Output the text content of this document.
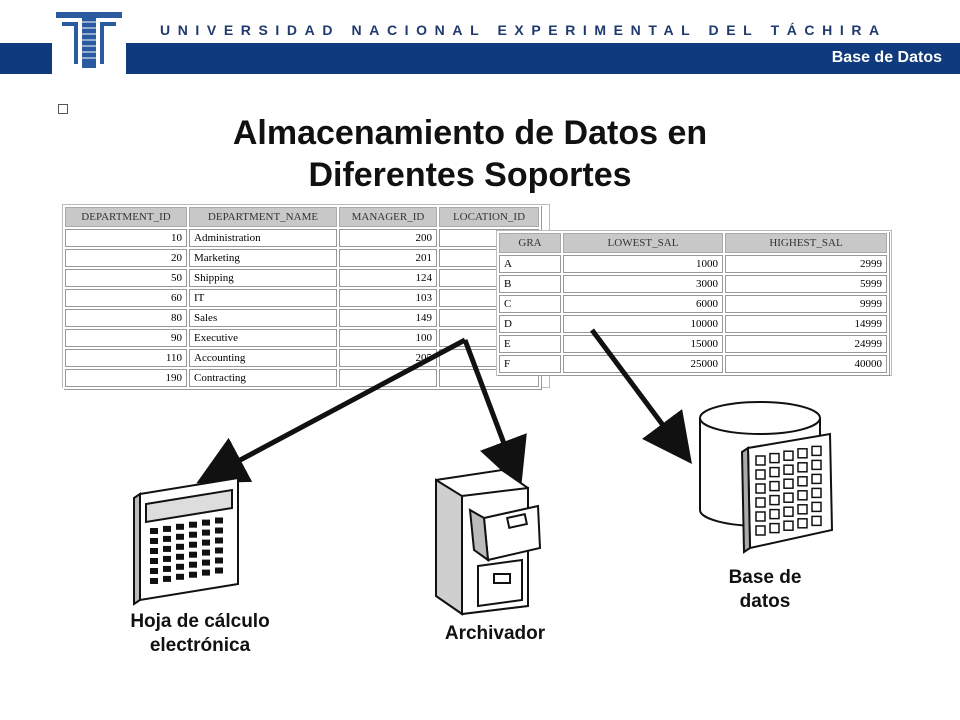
UNIVERSIDAD NACIONAL EXPERIMENTAL DEL TÁCHIRA
Base de Datos
Almacenamiento de Datos en
Diferentes Soportes
DEPARTMENT_ID	DEPARTMENT_NAME	MANAGER_ID	LOCATION_ID
10	Administration	200	
20	Marketing	201	
50	Shipping	124	
60	IT	103	
80	Sales	149	
90	Executive	100	
110	Accounting	205	
190	Contracting		
GRA	LOWEST_SAL	HIGHEST_SAL
A	1000	2999
B	3000	5999
C	6000	9999
D	10000	14999
E	15000	24999
F	25000	40000
Hoja de cálculo
electrónica
Archivador
Base de
datos
